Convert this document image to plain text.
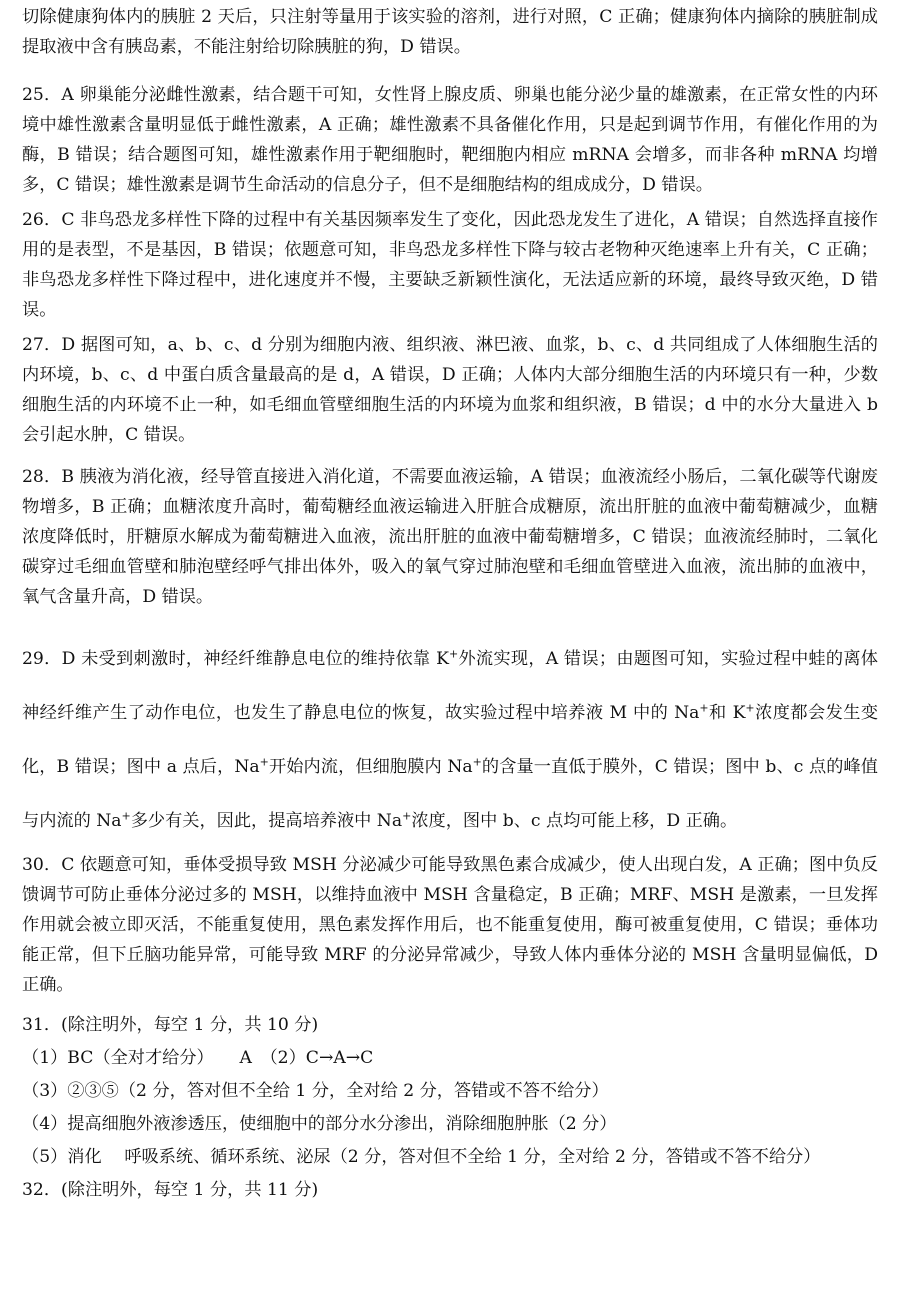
切除健康狗体内的胰脏 2 天后，只注射等量用于该实验的溶剂，进行对照，C 正确；健康狗体内摘除的胰脏制成提取液中含有胰岛素，不能注射给切除胰脏的狗，D 错误。

25．A 卵巢能分泌雌性激素，结合题干可知，女性肾上腺皮质、卵巢也能分泌少量的雄激素，在正常女性的内环境中雄性激素含量明显低于雌性激素，A 正确；雄性激素不具备催化作用，只是起到调节作用，有催化作用的为酶，B 错误；结合题图可知，雄性激素作用于靶细胞时，靶细胞内相应 mRNA 会增多，而非各种 mRNA 均增多，C 错误；雄性激素是调节生命活动的信息分子，但不是细胞结构的组成成分，D 错误。

26．C 非鸟恐龙多样性下降的过程中有关基因频率发生了变化，因此恐龙发生了进化，A 错误；自然选择直接作用的是表型，不是基因，B 错误；依题意可知，非鸟恐龙多样性下降与较古老物种灭绝速率上升有关，C 正确；非鸟恐龙多样性下降过程中，进化速度并不慢，主要缺乏新颖性演化，无法适应新的环境，最终导致灭绝，D 错误。

27．D 据图可知，a、b、c、d 分别为细胞内液、组织液、淋巴液、血浆，b、c、d 共同组成了人体细胞生活的内环境，b、c、d 中蛋白质含量最高的是 d，A 错误，D 正确；人体内大部分细胞生活的内环境只有一种，少数细胞生活的内环境不止一种，如毛细血管壁细胞生活的内环境为血浆和组织液，B 错误；d 中的水分大量进入 b 会引起水肿，C 错误。

28．B 胰液为消化液，经导管直接进入消化道，不需要血液运输，A 错误；血液流经小肠后，二氧化碳等代谢废物增多，B 正确；血糖浓度升高时，葡萄糖经血液运输进入肝脏合成糖原，流出肝脏的血液中葡萄糖减少，血糖浓度降低时，肝糖原水解成为葡萄糖进入血液，流出肝脏的血液中葡萄糖增多，C 错误；血液流经肺时，二氧化碳穿过毛细血管壁和肺泡壁经呼气排出体外，吸入的氧气穿过肺泡壁和毛细血管壁进入血液，流出肺的血液中，氧气含量升高，D 错误。

29．D 未受到刺激时，神经纤维静息电位的维持依靠 K+外流实现，A 错误；由题图可知，实验过程中蛙的离体神经纤维产生了动作电位，也发生了静息电位的恢复，故实验过程中培养液 M 中的 Na+和 K+浓度都会发生变化，B 错误；图中 a 点后，Na+开始内流，但细胞膜内 Na+的含量一直低于膜外，C 错误；图中 b、c 点的峰值与内流的 Na+多少有关，因此，提高培养液中 Na+浓度，图中 b、c 点均可能上移，D 正确。

30．C 依题意可知，垂体受损导致 MSH 分泌减少可能导致黑色素合成减少，使人出现白发，A 正确；图中负反馈调节可防止垂体分泌过多的 MSH，以维持血液中 MSH 含量稳定，B 正确；MRF、MSH 是激素，一旦发挥作用就会被立即灭活，不能重复使用，黑色素发挥作用后，也不能重复使用，酶可被重复使用，C 错误；垂体功能正常，但下丘脑功能异常，可能导致 MRF 的分泌异常减少，导致人体内垂体分泌的 MSH 含量明显偏低，D 正确。

31．(除注明外，每空 1 分，共 10 分)

（1）BC（全对才给分）　　A　（2）C→A→C

（3）②③⑤（2 分，答对但不全给 1 分，全对给 2 分，答错或不答不给分）

（4）提高细胞外液渗透压，使细胞中的部分水分渗出，消除细胞肿胀（2 分）

（5）消化　 呼吸系统、循环系统、泌尿（2 分，答对但不全给 1 分，全对给 2 分，答错或不答不给分）

32．(除注明外，每空 1 分，共 11 分)
